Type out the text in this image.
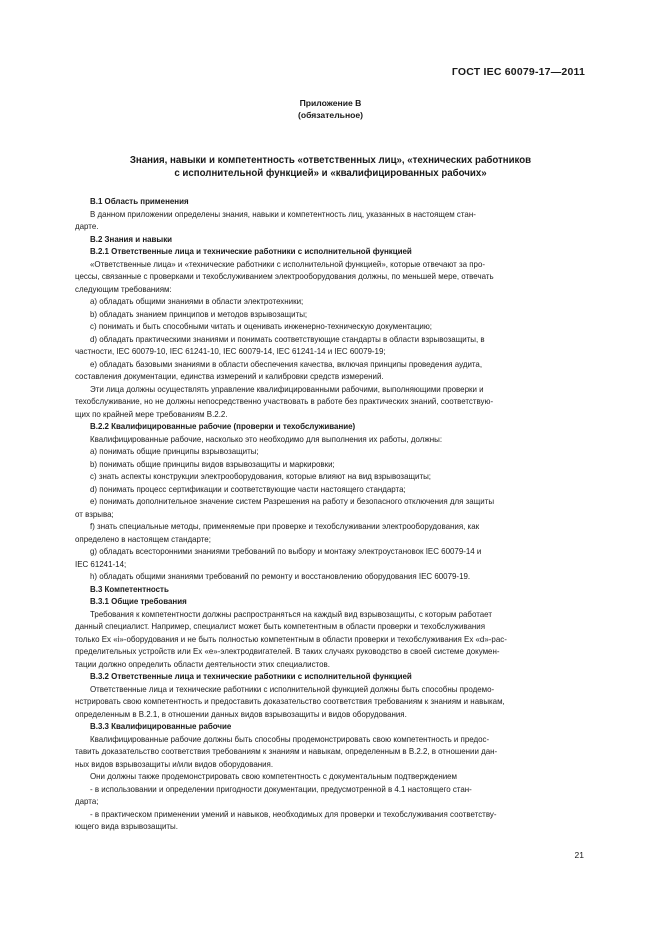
ГОСТ IEC 60079-17—2011
Приложение В
(обязательное)
Знания, навыки и компетентность «ответственных лиц», «технических работников
с исполнительной функцией» и «квалифицированных рабочих»

В.1 Область применения

В данном приложении определены знания, навыки и компетентность лиц, указанных в настоящем стан-

дарте.

В.2 Знания и навыки

В.2.1 Ответственные лица и технические работники с исполнительной функцией

«Ответственные лица» и «технические работники с исполнительной функцией», которые отвечают за про-

цессы, связанные с проверками и техобслуживанием электрооборудования должны, по меньшей мере, отвечать

следующим требованиям:

а) обладать общими знаниями в области электротехники;

b) обладать знанием принципов и методов взрывозащиты;

с) понимать и быть способными читать и оценивать инженерно-техническую документацию;

d) обладать практическими знаниями и понимать соответствующие стандарты в области взрывозащиты, в

частности, IEC 60079-10, IEC 61241-10, IEC 60079-14, IEC 61241-14 и IEC 60079-19;

е) обладать базовыми знаниями в области обеспечения качества, включая принципы проведения аудита,

составления документации, единства измерений и калибровки средств измерений.

Эти лица должны осуществлять управление квалифицированными рабочими, выполняющими проверки и

техобслуживание, но не должны непосредственно участвовать в работе без практических знаний, соответствую-

щих по крайней мере требованиям В.2.2.

В.2.2 Квалифицированные рабочие (проверки и техобслуживание)

Квалифицированные рабочие, насколько это необходимо для выполнения их работы, должны:

а) понимать общие принципы взрывозащиты;

b) понимать общие принципы видов взрывозащиты и маркировки;

с) знать аспекты конструкции электрооборудования, которые влияют на вид взрывозащиты;

d) понимать процесс сертификации и соответствующие части настоящего стандарта;

е) понимать дополнительное значение систем Разрешения на работу и безопасного отключения для защиты

от взрыва;

f) знать специальные методы, применяемые при проверке и техобслуживании электрооборудования, как

определено в настоящем стандарте;

g) обладать всесторонними знаниями требований по выбору и монтажу электроустановок IEC 60079-14 и

IEC 61241-14;

h) обладать общими знаниями требований по ремонту и восстановлению оборудования IEC 60079-19.

В.3 Компетентность

В.3.1 Общие требования

Требования к компетентности должны распространяться на каждый вид взрывозащиты, с которым работает

данный специалист. Например, специалист может быть компетентным в области проверки и техобслуживания

только Ex «i»-оборудования и не быть полностью компетентным в области проверки и техобслуживания Ex «d»-рас-

пределительных устройств или Ex «е»-электродвигателей. В таких случаях руководство в своей системе докумен-

тации должно определить области деятельности этих специалистов.

В.3.2 Ответственные лица и технические работники с исполнительной функцией

Ответственные лица и технические работники с исполнительной функцией должны быть способны продемо-

нстрировать свою компетентность и предоставить доказательство соответствия требованиям к знаниям и навыкам,

определенным в В.2.1, в отношении данных видов взрывозащиты и видов оборудования.

В.3.3 Квалифицированные рабочие

Квалифицированные рабочие должны быть способны продемонстрировать свою компетентность и предос-

тавить доказательство соответствия требованиям к знаниям и навыкам, определенным в В.2.2, в отношении дан-

ных видов взрывозащиты и/или видов оборудования.

Они должны также продемонстрировать свою компетентность с документальным подтверждением

- в использовании и определении пригодности документации, предусмотренной в 4.1 настоящего стан-

дарта;

- в практическом применении умений и навыков, необходимых для проверки и техобслуживания соответству-

ющего вида взрывозащиты.

21
